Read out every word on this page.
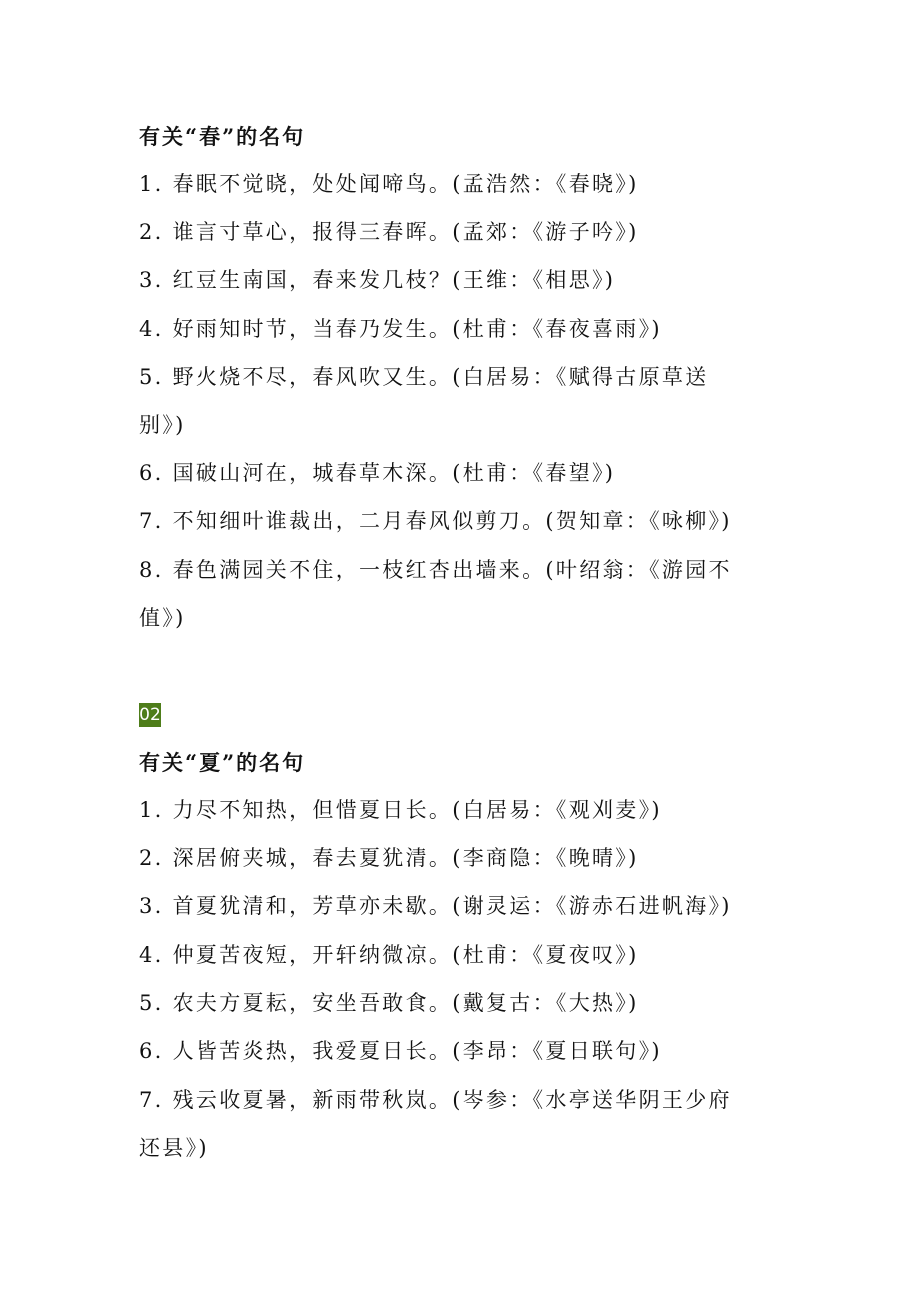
有关“春”的名句
1. 春眠不觉晓，处处闻啼鸟。(孟浩然：《春晓》)
2. 谁言寸草心，报得三春晖。(孟郊：《游子吟》)
3. 红豆生南国，春来发几枝？(王维：《相思》)
4. 好雨知时节，当春乃发生。(杜甫：《春夜喜雨》)
5. 野火烧不尽，春风吹又生。(白居易：《赋得古原草送
别》)
6. 国破山河在，城春草木深。(杜甫：《春望》)
7. 不知细叶谁裁出，二月春风似剪刀。(贺知章：《咏柳》)
8. 春色满园关不住，一枝红杏出墙来。(叶绍翁：《游园不
值》)
02
有关“夏”的名句
1. 力尽不知热，但惜夏日长。(白居易：《观刈麦》)
2. 深居俯夹城，春去夏犹清。(李商隐：《晚晴》)
3. 首夏犹清和，芳草亦未歇。(谢灵运：《游赤石进帆海》)
4. 仲夏苦夜短，开轩纳微凉。(杜甫：《夏夜叹》)
5. 农夫方夏耘，安坐吾敢食。(戴复古：《大热》)
6. 人皆苦炎热，我爱夏日长。(李昂：《夏日联句》)
7. 残云收夏暑，新雨带秋岚。(岑参：《水亭送华阴王少府
还县》)
